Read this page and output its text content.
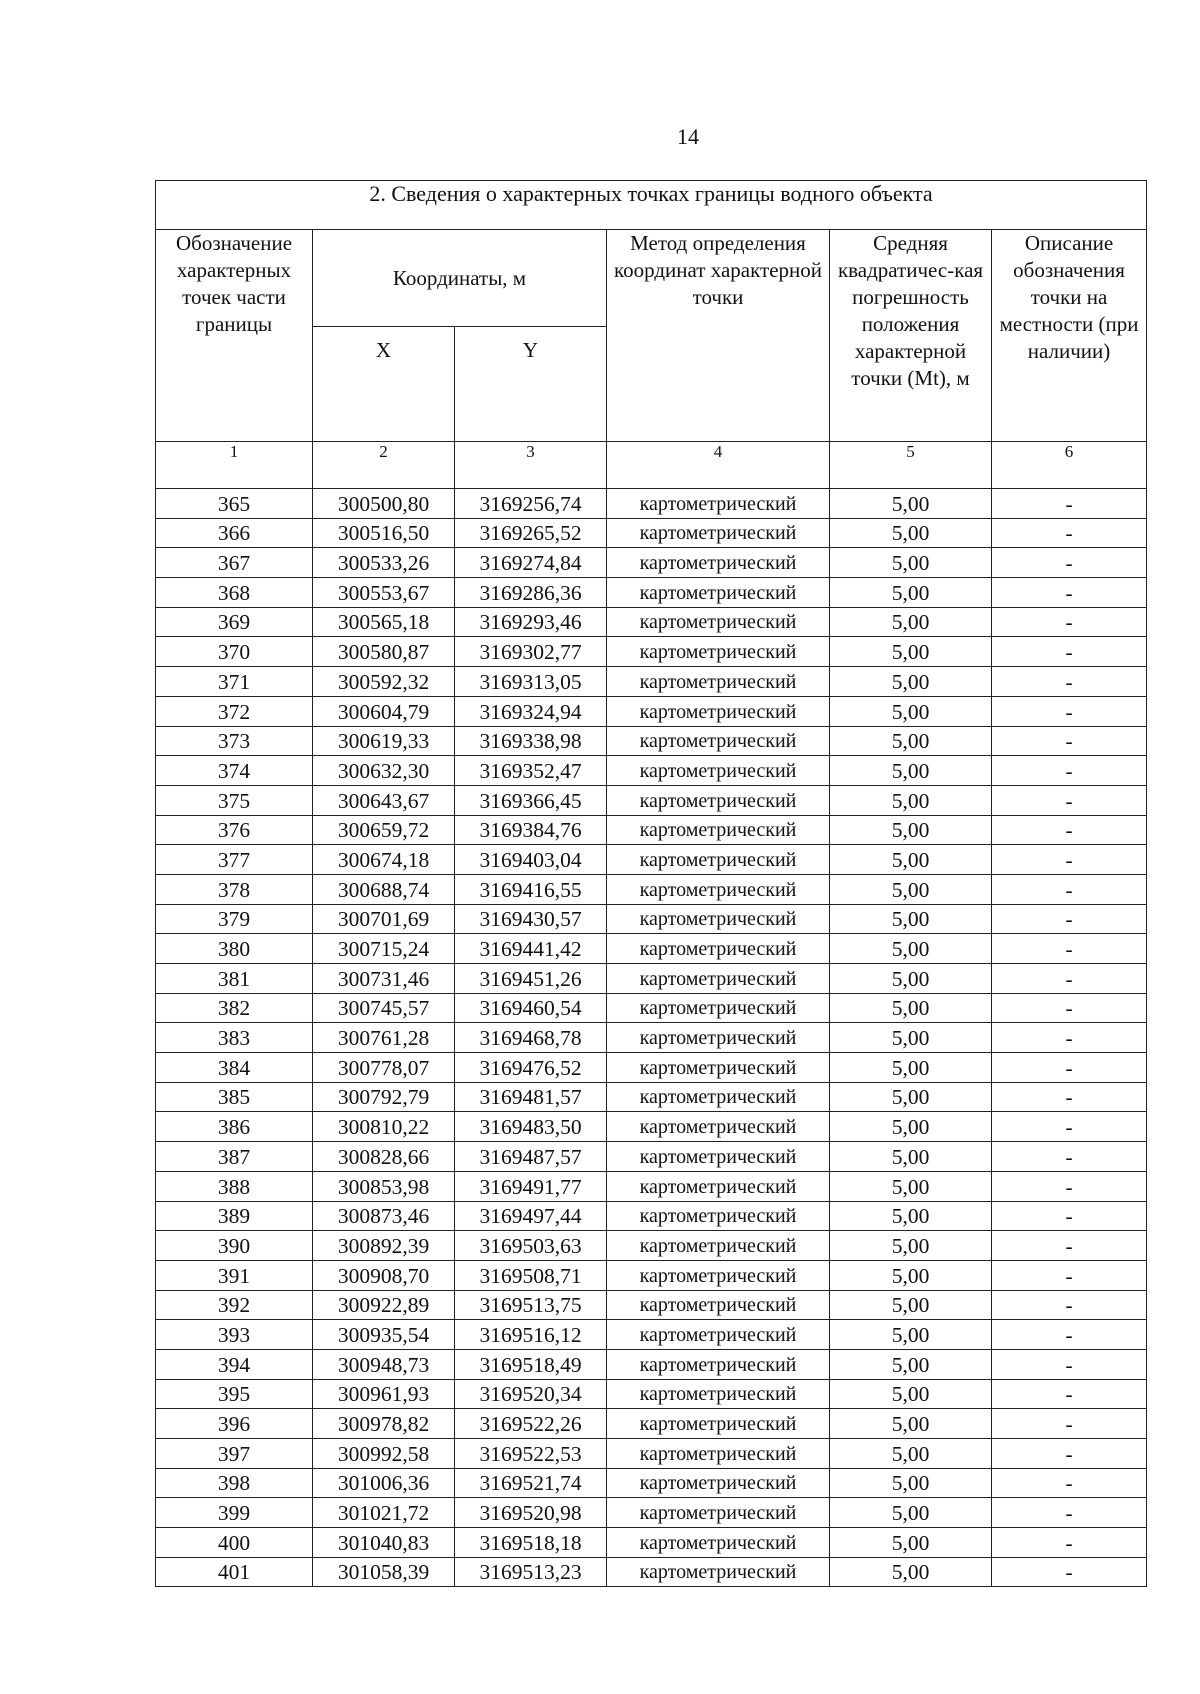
14
2. Сведения о характерных точках границы водного объекта					
Обозначение характерных точек части границы	Координаты, м		Метод определения координат характерной точки	Средняя квадратичес-кая погрешность положения характерной точки (Mt), м	Описание обозначения точки на местности (при наличии)
	X	Y			
1	2	3	4	5	6
365	300500,80	3169256,74	картометрический	5,00	-
366	300516,50	3169265,52	картометрический	5,00	-
367	300533,26	3169274,84	картометрический	5,00	-
368	300553,67	3169286,36	картометрический	5,00	-
369	300565,18	3169293,46	картометрический	5,00	-
370	300580,87	3169302,77	картометрический	5,00	-
371	300592,32	3169313,05	картометрический	5,00	-
372	300604,79	3169324,94	картометрический	5,00	-
373	300619,33	3169338,98	картометрический	5,00	-
374	300632,30	3169352,47	картометрический	5,00	-
375	300643,67	3169366,45	картометрический	5,00	-
376	300659,72	3169384,76	картометрический	5,00	-
377	300674,18	3169403,04	картометрический	5,00	-
378	300688,74	3169416,55	картометрический	5,00	-
379	300701,69	3169430,57	картометрический	5,00	-
380	300715,24	3169441,42	картометрический	5,00	-
381	300731,46	3169451,26	картометрический	5,00	-
382	300745,57	3169460,54	картометрический	5,00	-
383	300761,28	3169468,78	картометрический	5,00	-
384	300778,07	3169476,52	картометрический	5,00	-
385	300792,79	3169481,57	картометрический	5,00	-
386	300810,22	3169483,50	картометрический	5,00	-
387	300828,66	3169487,57	картометрический	5,00	-
388	300853,98	3169491,77	картометрический	5,00	-
389	300873,46	3169497,44	картометрический	5,00	-
390	300892,39	3169503,63	картометрический	5,00	-
391	300908,70	3169508,71	картометрический	5,00	-
392	300922,89	3169513,75	картометрический	5,00	-
393	300935,54	3169516,12	картометрический	5,00	-
394	300948,73	3169518,49	картометрический	5,00	-
395	300961,93	3169520,34	картометрический	5,00	-
396	300978,82	3169522,26	картометрический	5,00	-
397	300992,58	3169522,53	картометрический	5,00	-
398	301006,36	3169521,74	картометрический	5,00	-
399	301021,72	3169520,98	картометрический	5,00	-
400	301040,83	3169518,18	картометрический	5,00	-
401	301058,39	3169513,23	картометрический	5,00	-
